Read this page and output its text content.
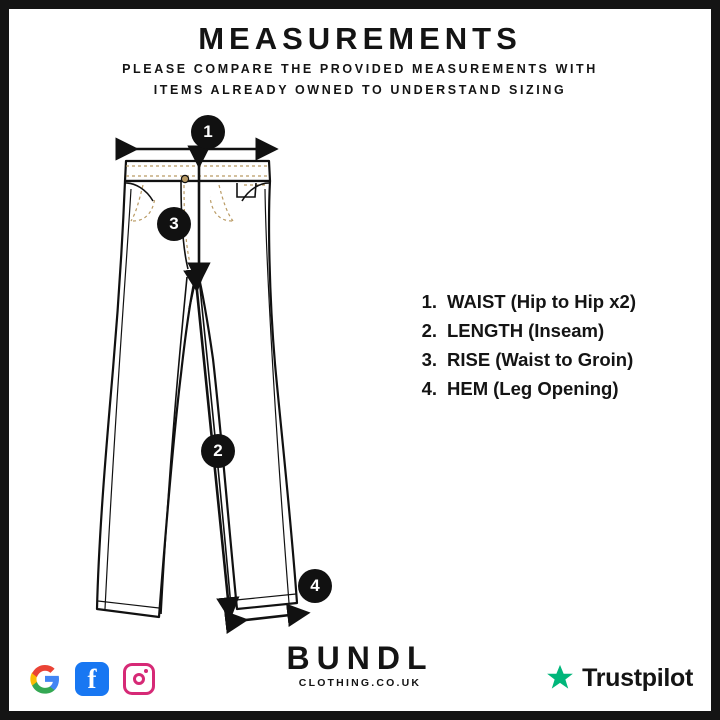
MEASUREMENTS
PLEASE COMPARE THE PROVIDED MEASUREMENTS WITH
ITEMS ALREADY OWNED TO UNDERSTAND SIZING
1
3
2
4
1. WAIST (Hip to Hip x2)
2. LENGTH (Inseam)
3. RISE (Waist to Groin)
4. HEM (Leg Opening)
BUNDL
CLOTHING.CO.UK
f	Trustpilot
